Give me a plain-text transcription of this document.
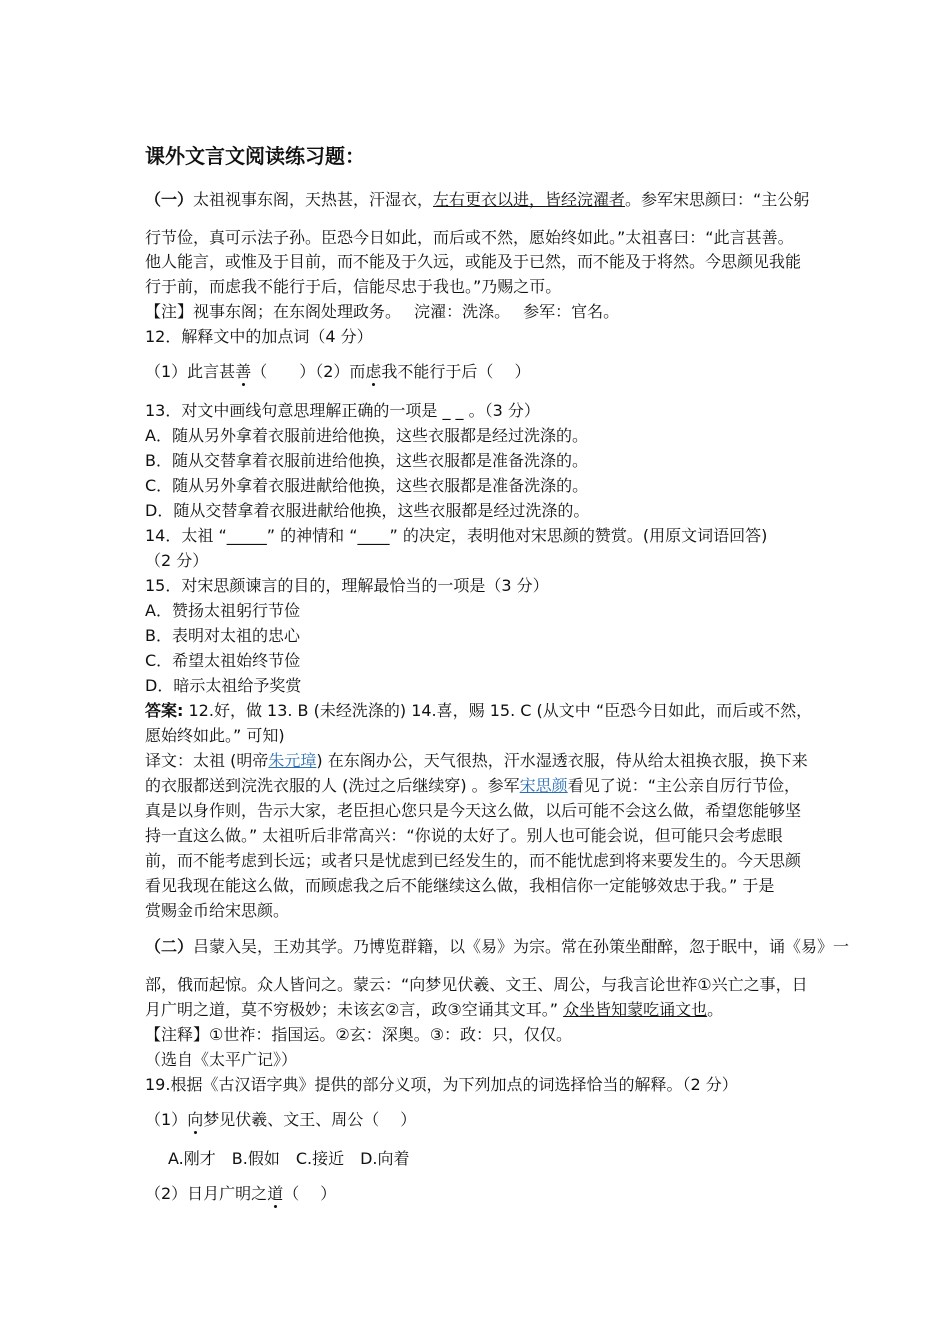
课外文言文阅读练习题：
（一）太祖视事东阁，天热甚，汗湿衣，左右更衣以进，皆经浣濯者。参军宋思颜曰：“主公躬
行节俭，真可示法子孙。臣恐今日如此，而后或不然，愿始终如此。”太祖喜曰：“此言甚善。
他人能言，或惟及于目前，而不能及于久远，或能及于已然，而不能及于将然。今思颜见我能
行于前，而虑我不能行于后，信能尽忠于我也。”乃赐之帀。
【注】视事东阁；在东阁处理政务。　 浣濯：洗涤。　 参军：官名。
12．解释文中的加点词（4 分）
（1）此言甚善（　　）（2）而虑我不能行于后（　 ）
13．对文中画线句意思理解正确的一项是 _ _ 。（3 分）
A．随从另外拿着衣服前进给他换，这些衣服都是经过洗涤的。
B．随从交替拿着衣服前进给他换，这些衣服都是准备洗涤的。
C．随从另外拿着衣服进献给他换，这些衣服都是准备洗涤的。
D．随从交替拿着衣服进献给他换，这些衣服都是经过洗涤的。
14．太祖 “_____” 的神情和 “____” 的决定，表明他对宋思颜的赞赏。(用原文词语回答)
（2 分）
15．对宋思颜谏言的目的，理解最恰当的一项是（3 分）
A．赞扬太祖躬行节俭
B．表明对太祖的忠心
C．希望太祖始终节俭
D．暗示太祖给予奖赏
答案: 12.好，做 13. B (未经洗涤的) 14.喜，赐 15. C (从文中 “臣恐今日如此，而后或不然，
愿始终如此。” 可知)
译文：太祖 (明帝朱元璋) 在东阁办公，天气很热，汗水湿透衣服，侍从给太祖换衣服，换下来
的衣服都送到浣洗衣服的人 (洗过之后继续穿) 。参军宋思颜看见了说：“主公亲自厉行节俭，
真是以身作则，告示大家，老臣担心您只是今天这么做，以后可能不会这么做，希望您能够坚
持一直这么做。” 太祖听后非常高兴：“你说的太好了。别人也可能会说，但可能只会考虑眼
前，而不能考虑到长远；或者只是忧虑到已经发生的，而不能忧虑到将来要发生的。今天思颜
看见我现在能这么做，而顾虑我之后不能继续这么做，我相信你一定能够效忠于我。” 于是
赏赐金币给宋思颜。
（二）吕蒙入吴，王劝其学。乃博览群籍，以《易》为宗。常在孙策坐酣醉，忽于眠中，诵《易》一
部，俄而起惊。众人皆问之。蒙云：“向梦见伏羲、文王、周公，与我言论世祚①兴亡之事，日
月广明之道，莫不穷极妙；未该玄②言，政③空诵其文耳。” 众坐皆知蒙吃诵文也。
【注释】①世祚：指国运。②玄：深奥。③：政：只，仅仅。
（选自《太平广记》）
19.根据《古汉语字典》提供的部分义项，为下列加点的词选择恰当的解释。（2 分）
（1）向梦见伏羲、文王、周公（　 ）
A.刚才　B.假如　C.接近　D.向着
（2）日月广明之道（　 ）
